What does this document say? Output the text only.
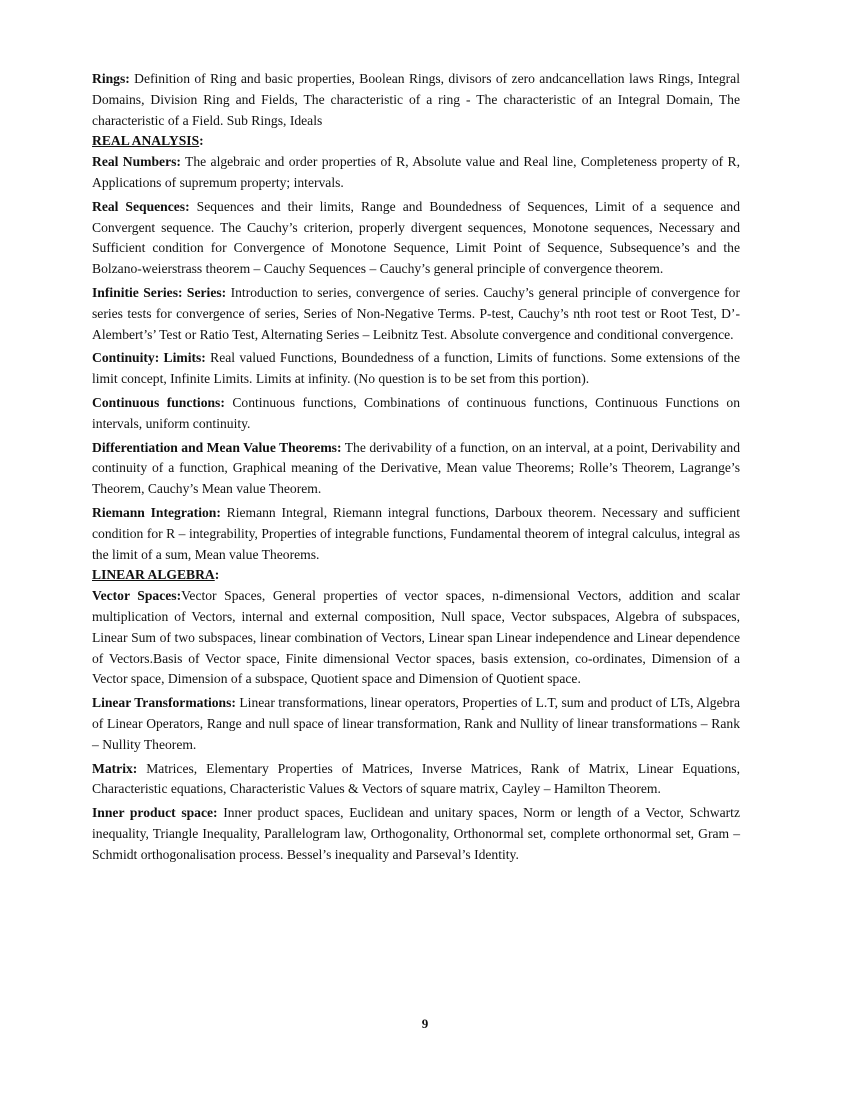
Rings: Definition of Ring and basic properties, Boolean Rings, divisors of zero andcancellation laws Rings, Integral Domains, Division Ring and Fields, The characteristic of a ring - The characteristic of an Integral Domain, The characteristic of a Field. Sub Rings, Ideals

REAL ANALYSIS:

Real Numbers: The algebraic and order properties of R, Absolute value and Real line, Completeness property of R, Applications of supremum property; intervals.

Real Sequences: Sequences and their limits, Range and Boundedness of Sequences, Limit of a sequence and Convergent sequence. The Cauchy’s criterion, properly divergent sequences, Monotone sequences, Necessary and Sufficient condition for Convergence of Monotone Sequence, Limit Point of Sequence, Subsequence’s and the Bolzano-weierstrass theorem – Cauchy Sequences – Cauchy’s general principle of convergence theorem.

Infinitie Series: Series: Introduction to series, convergence of series. Cauchy’s general principle of convergence for series tests for convergence of series, Series of Non-Negative Terms. P-test, Cauchy’s nth root test or Root Test, D’-Alembert’s’ Test or Ratio Test, Alternating Series – Leibnitz Test. Absolute convergence and conditional convergence.

Continuity: Limits: Real valued Functions, Boundedness of a function, Limits of functions. Some extensions of the limit concept, Infinite Limits. Limits at infinity. (No question is to be set from this portion).

Continuous functions: Continuous functions, Combinations of continuous functions, Continuous Functions on intervals, uniform continuity.

Differentiation and Mean Value Theorems: The derivability of a function, on an interval, at a point, Derivability and continuity of a function, Graphical meaning of the Derivative, Mean value Theorems; Rolle’s Theorem, Lagrange’s Theorem, Cauchy’s Mean value Theorem.

Riemann Integration: Riemann Integral, Riemann integral functions, Darboux theorem. Necessary and sufficient condition for R – integrability, Properties of integrable functions, Fundamental theorem of integral calculus, integral as the limit of a sum, Mean value Theorems.

LINEAR ALGEBRA:

Vector Spaces:Vector Spaces, General properties of vector spaces, n-dimensional Vectors, addition and scalar multiplication of Vectors, internal and external composition, Null space, Vector subspaces, Algebra of subspaces, Linear Sum of two subspaces, linear combination of Vectors, Linear span Linear independence and Linear dependence of Vectors.Basis of Vector space, Finite dimensional Vector spaces, basis extension, co-ordinates, Dimension of a Vector space, Dimension of a subspace, Quotient space and Dimension of Quotient space.

Linear Transformations: Linear transformations, linear operators, Properties of L.T, sum and product of LTs, Algebra of Linear Operators, Range and null space of linear transformation, Rank and Nullity of linear transformations – Rank – Nullity Theorem.

Matrix: Matrices, Elementary Properties of Matrices, Inverse Matrices, Rank of Matrix, Linear Equations, Characteristic equations, Characteristic Values & Vectors of square matrix, Cayley – Hamilton Theorem.

Inner product space: Inner product spaces, Euclidean and unitary spaces, Norm or length of a Vector, Schwartz inequality, Triangle Inequality, Parallelogram law, Orthogonality, Orthonormal set, complete orthonormal set, Gram – Schmidt orthogonalisation process. Bessel’s inequality and Parseval’s Identity.

9
